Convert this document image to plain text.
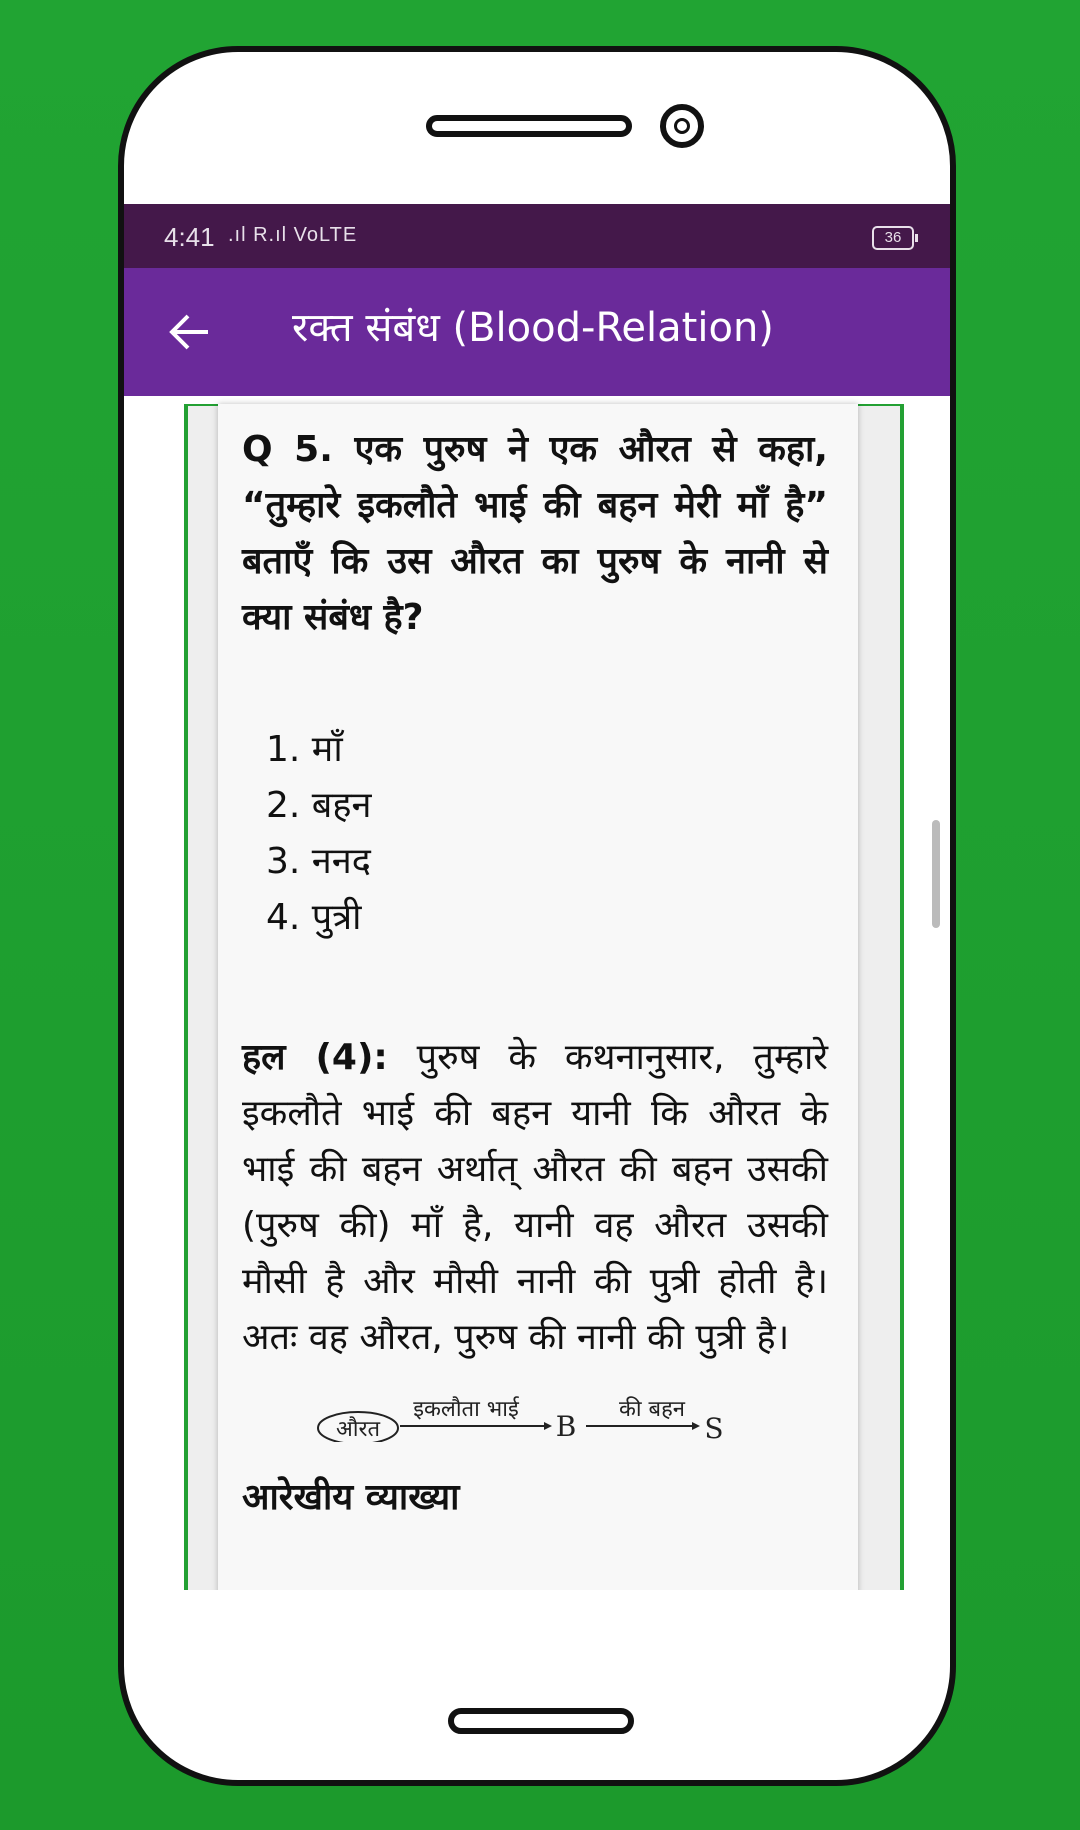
4:41 .ıl R.ıl VoLTE	36
रक्त संबंध (Blood-Relation)

Q 5. एक पुरुष ने एक औरत से कहा, “तुम्हारे इकलौते भाई की बहन मेरी माँ है” बताएँ कि उस औरत का पुरुष के नानी से क्या संबंध है?

1. माँ
2. बहन
3. ननद
4. पुत्री

हल (4): पुरुष के कथनानुसार, तुम्हारे इकलौते भाई की बहन यानी कि औरत के भाई की बहन अर्थात् औरत की बहन उसकी (पुरुष की) माँ है, यानी वह औरत उसकी मौसी है और मौसी नानी की पुत्री होती है। अतः वह औरत, पुरुष की नानी की पुत्री है।

आरेखीय व्याख्या

औरत
इकलौता भाई
B
की बहन
S
